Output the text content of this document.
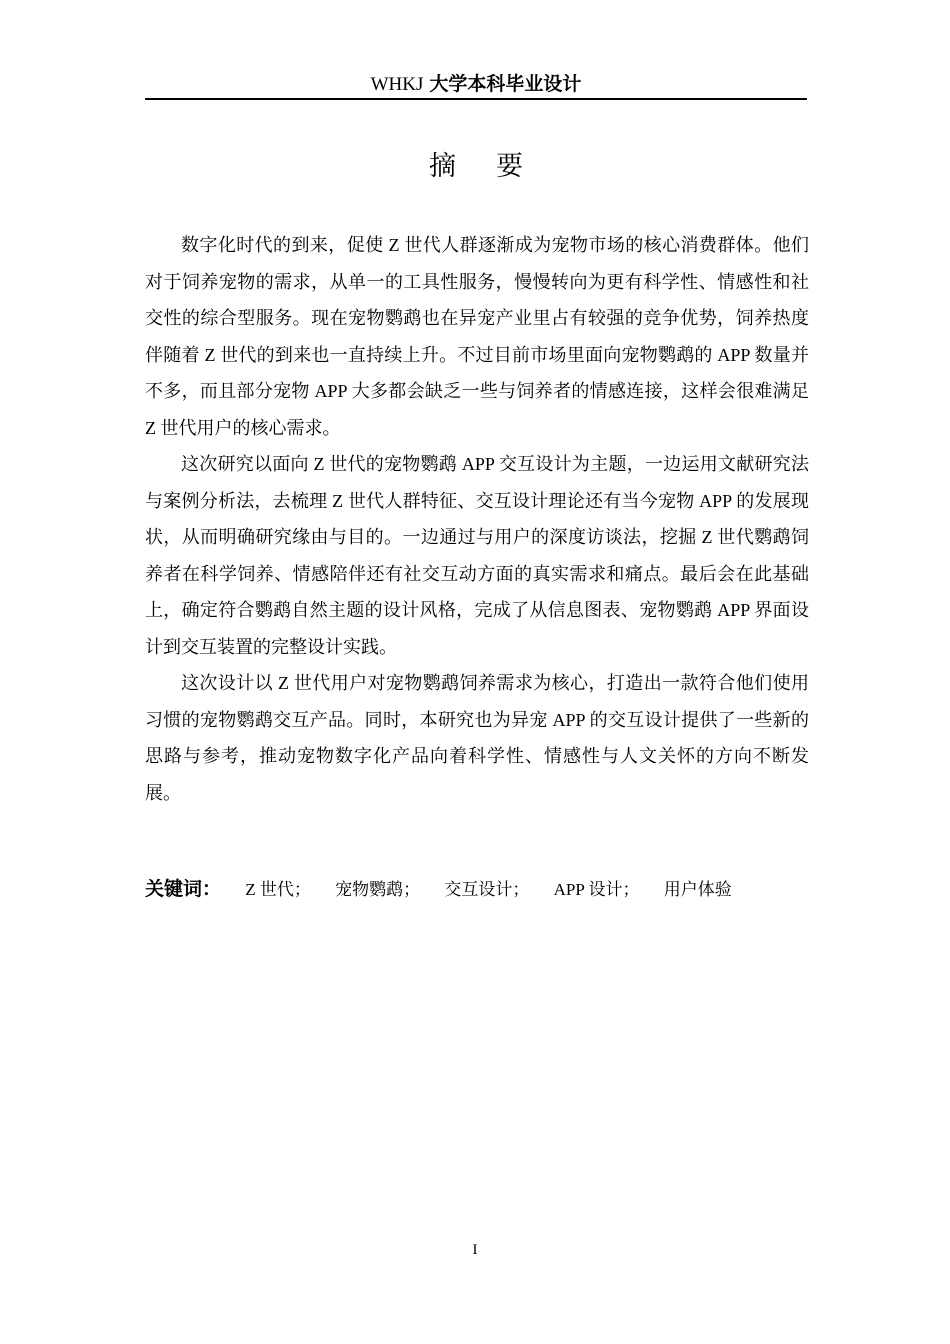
WHKJ 大学本科毕业设计
摘要

数字化时代的到来，促使 Z 世代人群逐渐成为宠物市场的核心消费群体。他们对于饲养宠物的需求，从单一的工具性服务，慢慢转向为更有科学性、情感性和社交性的综合型服务。现在宠物鹦鹉也在异宠产业里占有较强的竞争优势，饲养热度伴随着 Z 世代的到来也一直持续上升。不过目前市场里面向宠物鹦鹉的 APP 数量并不多，而且部分宠物 APP 大多都会缺乏一些与饲养者的情感连接，这样会很难满足 Z 世代用户的核心需求。

这次研究以面向 Z 世代的宠物鹦鹉 APP 交互设计为主题，一边运用文献研究法与案例分析法，去梳理 Z 世代人群特征、交互设计理论还有当今宠物 APP 的发展现状，从而明确研究缘由与目的。一边通过与用户的深度访谈法，挖掘 Z 世代鹦鹉饲养者在科学饲养、情感陪伴还有社交互动方面的真实需求和痛点。最后会在此基础上，确定符合鹦鹉自然主题的设计风格，完成了从信息图表、宠物鹦鹉 APP 界面设计到交互装置的完整设计实践。

这次设计以 Z 世代用户对宠物鹦鹉饲养需求为核心，打造出一款符合他们使用习惯的宠物鹦鹉交互产品。同时，本研究也为异宠 APP 的交互设计提供了一些新的思路与参考，推动宠物数字化产品向着科学性、情感性与人文关怀的方向不断发展。

关键词： Z 世代； 宠物鹦鹉； 交互设计； APP 设计； 用户体验
I
